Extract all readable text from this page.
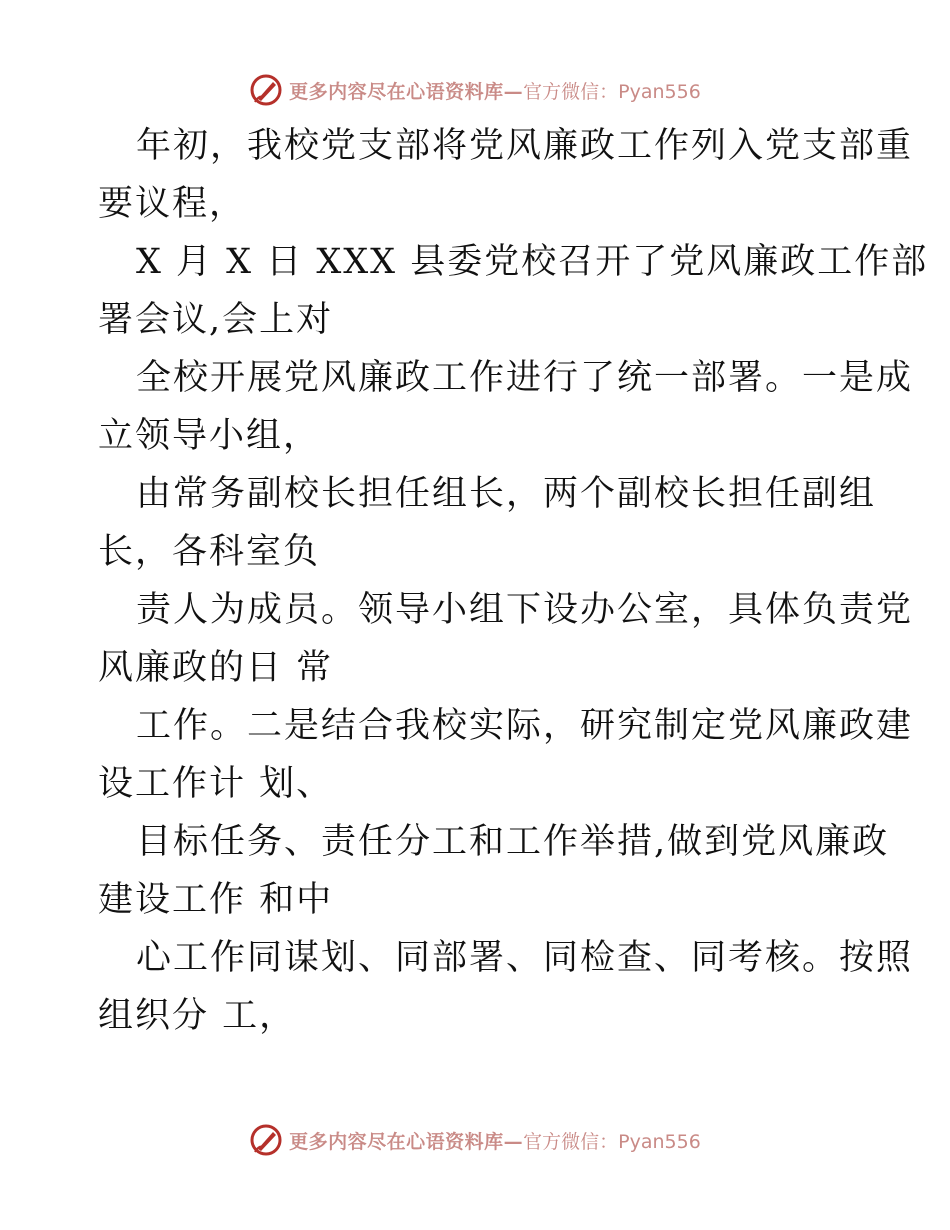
更多内容尽在心语资料库— 官方微信：Pyan556
年初，我校党支部将党风廉政工作列入党支部重
要议程，
X 月 X 日 XXX 县委党校召开了党风廉政工作部
署会议,会上对
全校开展党风廉政工作进行了统一部署。一是成
立领导小组，
由常务副校长担任组长，两个副校长担任副组
长，各科室负
责人为成员。领导小组下设办公室，具体负责党
风廉政的日 常
工作。二是结合我校实际，研究制定党风廉政建
设工作计 划、
目标任务、责任分工和工作举措,做到党风廉政
建设工作 和中
心工作同谋划、同部署、同检查、同考核。按照
组织分 工，
更多内容尽在心语资料库— 官方微信：Pyan556
